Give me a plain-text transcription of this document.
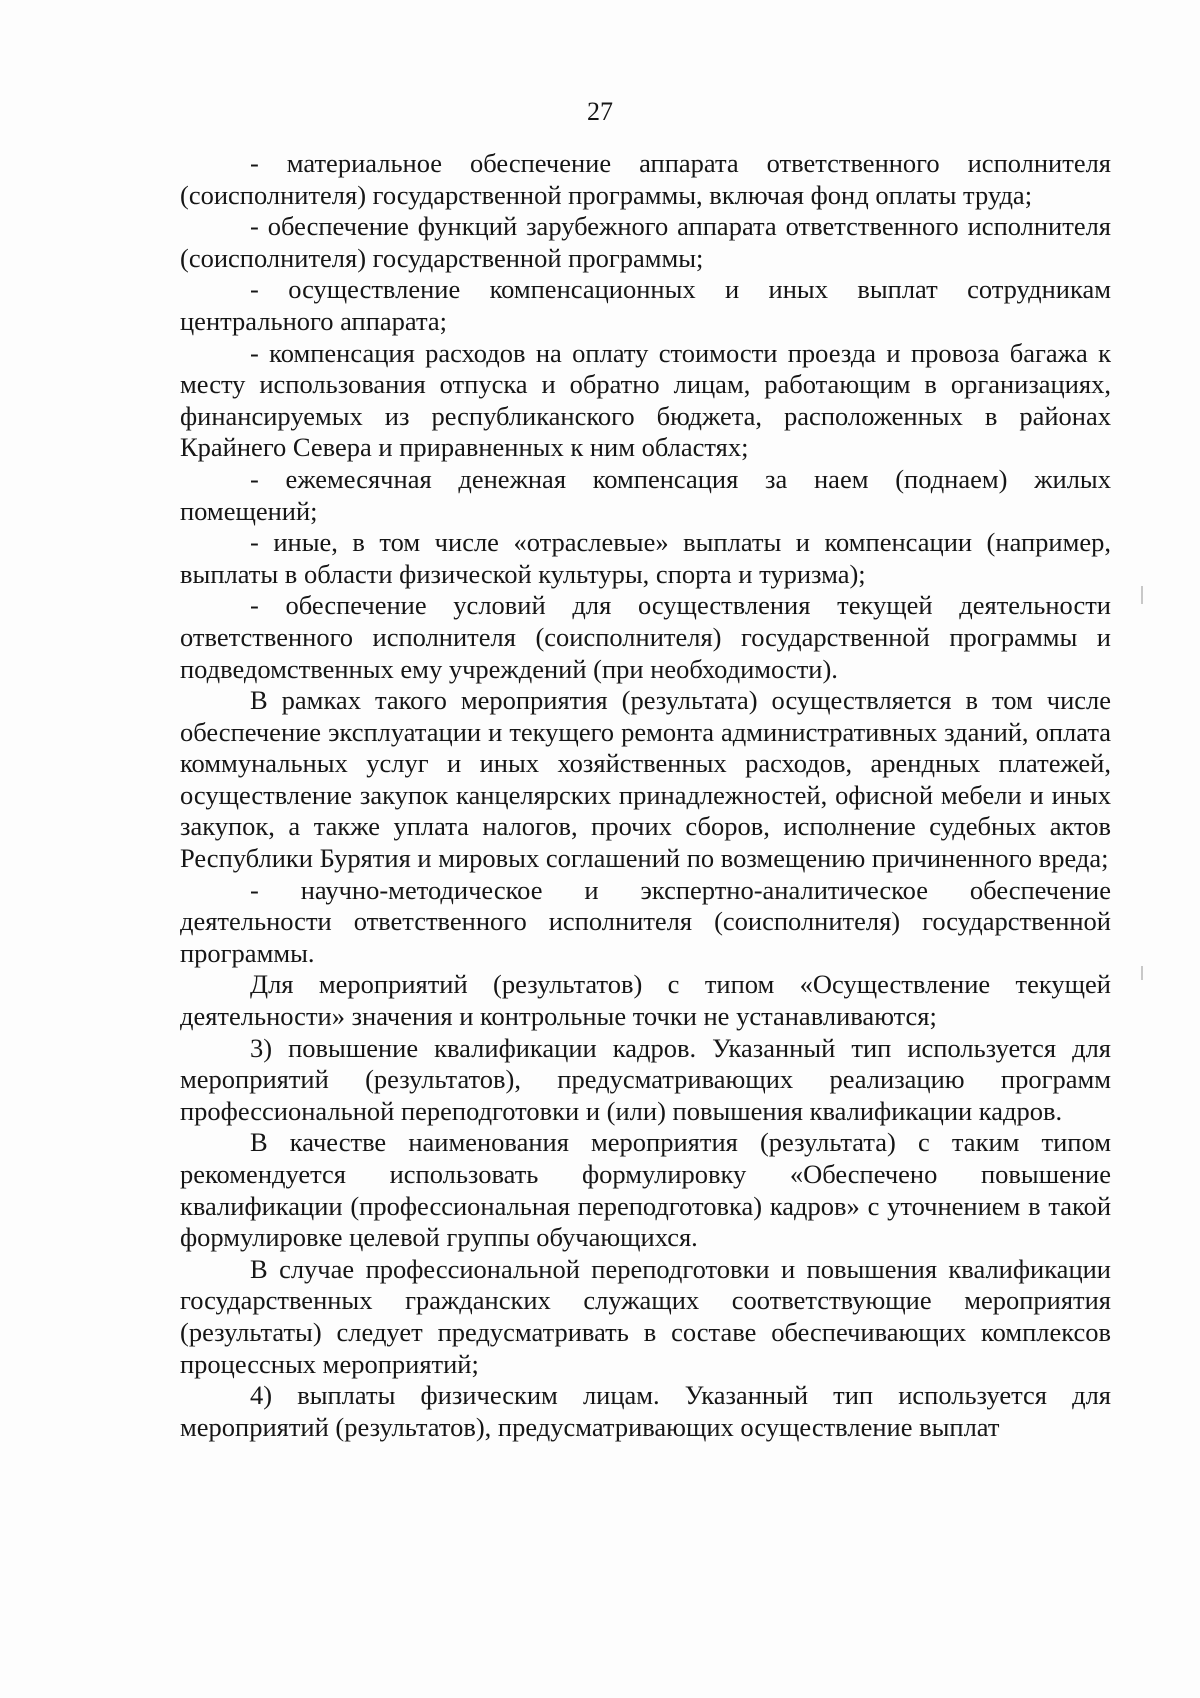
27

- материальное обеспечение аппарата ответственного исполнителя (соисполнителя) государственной программы, включая фонд оплаты труда;

- обеспечение функций зарубежного аппарата ответственного исполнителя (соисполнителя) государственной программы;

- осуществление компенсационных и иных выплат сотрудникам центрального аппарата;

- компенсация расходов на оплату стоимости проезда и провоза багажа к месту использования отпуска и обратно лицам, работающим в организациях, финансируемых из республиканского бюджета, расположенных в районах Крайнего Севера и приравненных к ним областях;

- ежемесячная денежная компенсация за наем (поднаем) жилых помещений;

- иные, в том числе «отраслевые» выплаты и компенсации (например, выплаты в области физической культуры, спорта и туризма);

- обеспечение условий для осуществления текущей деятельности ответственного исполнителя (соисполнителя) государственной программы и подведомственных ему учреждений (при необходимости).

В рамках такого мероприятия (результата) осуществляется в том числе обеспечение эксплуатации и текущего ремонта административных зданий, оплата коммунальных услуг и иных хозяйственных расходов, арендных платежей, осуществление закупок канцелярских принадлежностей, офисной мебели и иных закупок, а также уплата налогов, прочих сборов, исполнение судебных актов Республики Бурятия и мировых соглашений по возмещению причиненного вреда;

- научно-методическое и экспертно-аналитическое обеспечение деятельности ответственного исполнителя (соисполнителя) государственной программы.

Для мероприятий (результатов) с типом «Осуществление текущей деятельности» значения и контрольные точки не устанавливаются;

3) повышение квалификации кадров. Указанный тип используется для мероприятий (результатов), предусматривающих реализацию программ профессиональной переподготовки и (или) повышения квалификации кадров.

В качестве наименования мероприятия (результата) с таким типом рекомендуется использовать формулировку «Обеспечено повышение квалификации (профессиональная переподготовка) кадров» с уточнением в такой формулировке целевой группы обучающихся.

В случае профессиональной переподготовки и повышения квалификации государственных гражданских служащих соответствующие мероприятия (результаты) следует предусматривать в составе обеспечивающих комплексов процессных мероприятий;

4) выплаты физическим лицам. Указанный тип используется для мероприятий (результатов), предусматривающих осуществление выплат
